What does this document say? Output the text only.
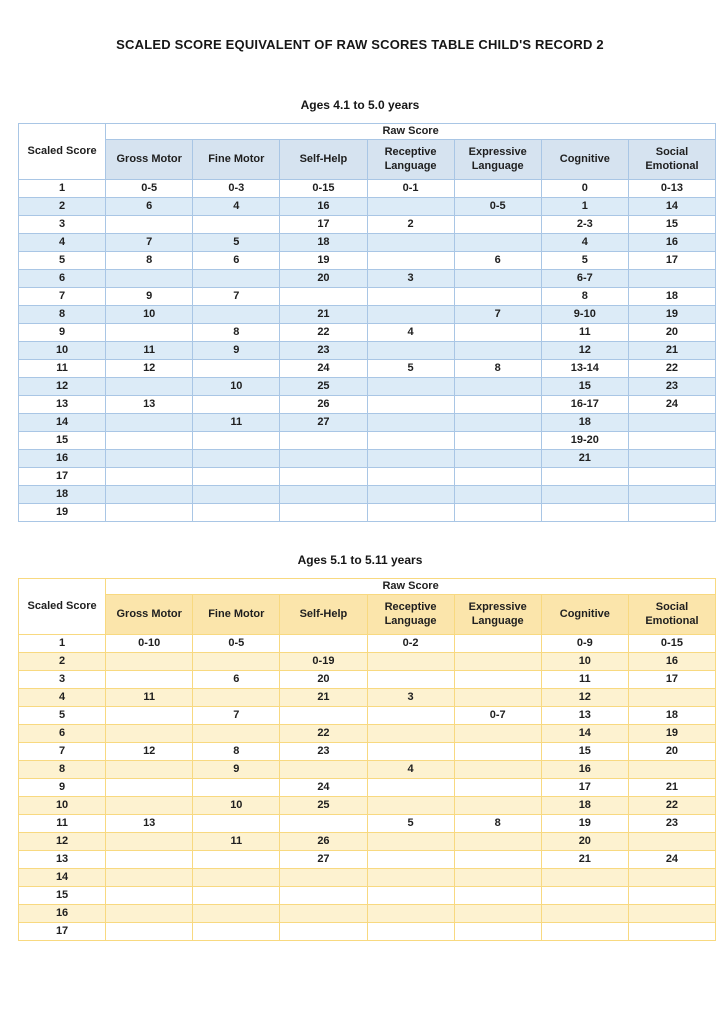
SCALED SCORE EQUIVALENT OF RAW SCORES TABLE CHILD'S RECORD 2
Ages 4.1 to 5.0 years
Scaled Score	Raw Score						
	Gross Motor	Fine Motor	Self-Help	Receptive Language	Expressive Language	Cognitive	Social Emotional
1	0-5	0-3	0-15	0-1		0	0-13
2	6	4	16		0-5	1	14
3			17	2		2-3	15
4	7	5	18			4	16
5	8	6	19		6	5	17
6			20	3		6-7	
7	9	7				8	18
8	10		21		7	9-10	19
9		8	22	4		11	20
10	11	9	23			12	21
11	12		24	5	8	13-14	22
12		10	25			15	23
13	13		26			16-17	24
14		11	27			18	
15						19-20	
16						21	
17							
18							
19							
Ages 5.1 to 5.11 years
Scaled Score	Raw Score						
	Gross Motor	Fine Motor	Self-Help	Receptive Language	Expressive Language	Cognitive	Social Emotional
1	0-10	0-5		0-2		0-9	0-15
2			0-19			10	16
3		6	20			11	17
4	11		21	3		12	
5		7			0-7	13	18
6			22			14	19
7	12	8	23			15	20
8		9		4		16	
9			24			17	21
10		10	25			18	22
11	13			5	8	19	23
12		11	26			20	
13			27			21	24
14							
15							
16							
17							
